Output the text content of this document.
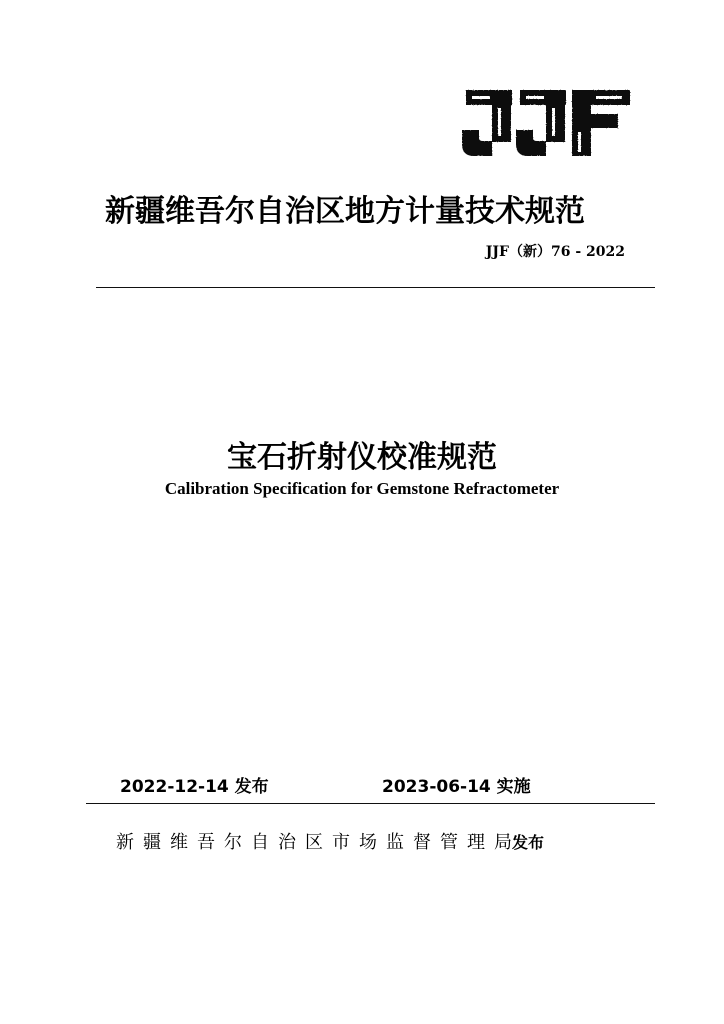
新疆维吾尔自治区地方计量技术规范
JJF（新）76 - 2022
宝石折射仪校准规范
Calibration Specification for Gemstone Refractometer
2022-12-14 发布	2023-06-14 实施
新疆维吾尔自治区市场监督管理局
发布
